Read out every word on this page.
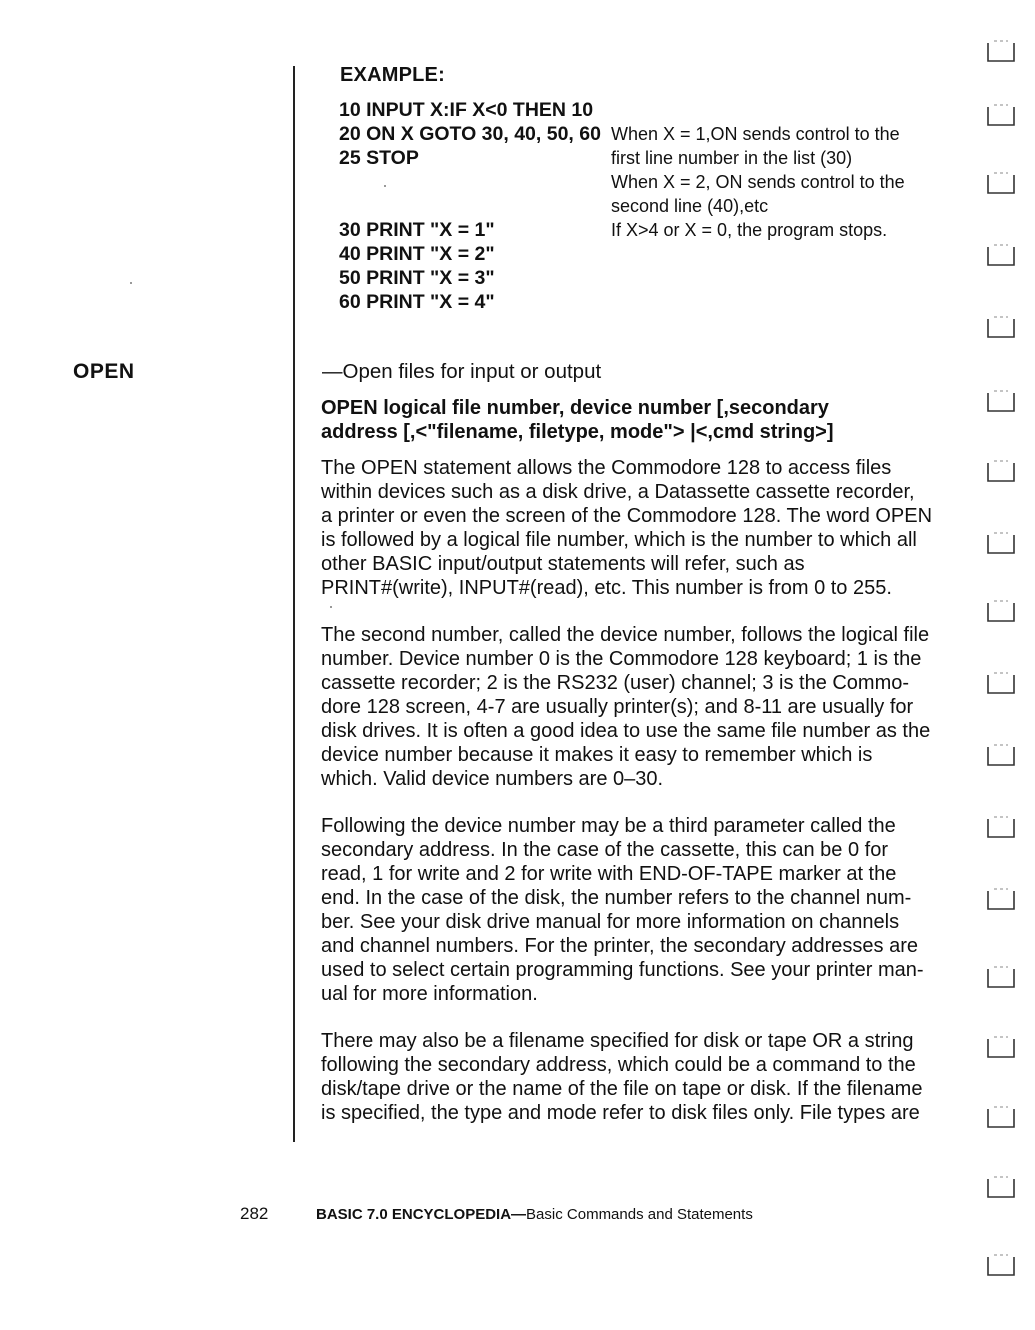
EXAMPLE:
10 INPUT X:IF X<0 THEN 10
20 ON X GOTO 30, 40, 50, 60
25 STOP
30 PRINT "X = 1"
40 PRINT "X = 2"
50 PRINT "X = 3"
60 PRINT "X = 4"
When X = 1,ON sends control to the
first line number in the list (30)
When X = 2, ON sends control to the
second line (40),etc
If X>4 or X = 0, the program stops.
OPEN	—Open files for input or output
OPEN logical file number, device number [,secondary
address [,<"filename, filetype, mode"> |<,cmd string>]
The OPEN statement allows the Commodore 128 to access files
within devices such as a disk drive, a Datassette cassette recorder,
a printer or even the screen of the Commodore 128. The word OPEN
is followed by a logical file number, which is the number to which all
other BASIC input/output statements will refer, such as
PRINT#(write), INPUT#(read), etc. This number is from 0 to 255.
The second number, called the device number, follows the logical file
number. Device number 0 is the Commodore 128 keyboard; 1 is the
cassette recorder; 2 is the RS232 (user) channel; 3 is the Commo-
dore 128 screen, 4-7 are usually printer(s); and 8-11 are usually for
disk drives. It is often a good idea to use the same file number as the
device number because it makes it easy to remember which is
which. Valid device numbers are 0–30.
Following the device number may be a third parameter called the
secondary address. In the case of the cassette, this can be 0 for
read, 1 for write and 2 for write with END-OF-TAPE marker at the
end. In the case of the disk, the number refers to the channel num-
ber. See your disk drive manual for more information on channels
and channel numbers. For the printer, the secondary addresses are
used to select certain programming functions. See your printer man-
ual for more information.
There may also be a filename specified for disk or tape OR a string
following the secondary address, which could be a command to the
disk/tape drive or the name of the file on tape or disk. If the filename
is specified, the type and mode refer to disk files only. File types are
282	BASIC 7.0 ENCYCLOPEDIA—Basic Commands and Statements
